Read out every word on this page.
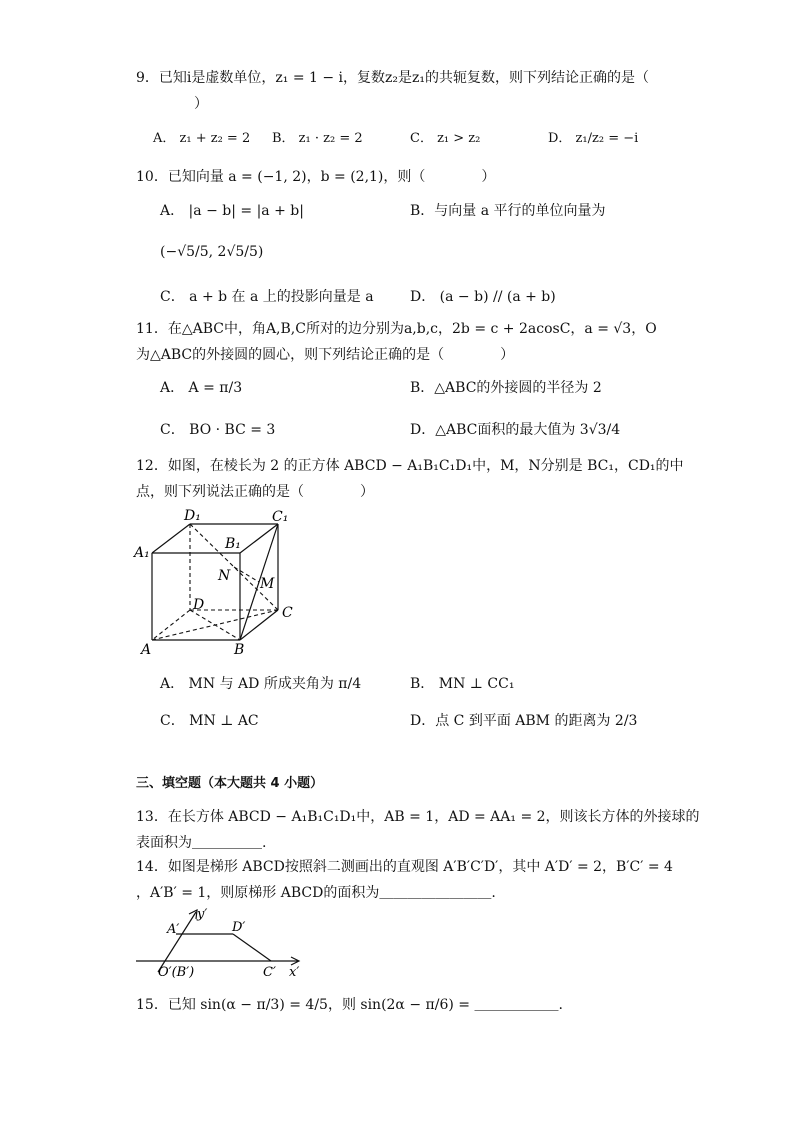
9．已知i是虚数单位，z₁ = 1 − i，复数z₂是z₁的共轭复数，则下列结论正确的是（
）
A． z₁ + z₂ = 2 B． z₁ · z₂ = 2	C． z₁ > z₂	D． z₁/z₂ = −i
10．已知向量 a = (−1, 2)，b = (2,1)，则（　　　　）
A． |a − b| = |a + b|	B．与向量 a 平行的单位向量为
(−√5/5, 2√5/5)
C． a + b 在 a 上的投影向量是 a	D． (a − b) // (a + b)
11．在△ABC中，角A,B,C所对的边分别为a,b,c，2b = c + 2acosC，a = √3，O
为△ABC的外接圆的圆心，则下列结论正确的是（　　　　）
A． A = π/3	B．△ABC的外接圆的半径为 2
C． BO · BC = 3	D．△ABC面积的最大值为 3√3/4
12．如图，在棱长为 2 的正方体 ABCD − A₁B₁C₁D₁中，M，N分别是 BC₁，CD₁的中
点，则下列说法正确的是（　　　　）
D₁	C₁
B₁
A₁
N M
D	C
A	B
A． MN 与 AD 所成夹角为 π/4	B． MN ⊥ CC₁
C． MN ⊥ AC	D．点 C 到平面 ABM 的距离为 2/3
三、填空题（本大题共 4 小题）
13．在长方体 ABCD − A₁B₁C₁D₁中，AB = 1，AD = AA₁ = 2，则该长方体的外接球的
表面积为＿＿＿＿＿.
14．如图是梯形 ABCD按照斜二测画出的直观图 A′B′C′D′，其中 A′D′ = 2，B′C′ = 4
，A′B′ = 1，则原梯形 ABCD的面积为＿＿＿＿＿＿＿＿.
y′
A′	D′
O′(B′)	C′ x′
15．已知 sin(α − π/3) = 4/5，则 sin(2α − π/6) = ＿＿＿＿＿＿.
